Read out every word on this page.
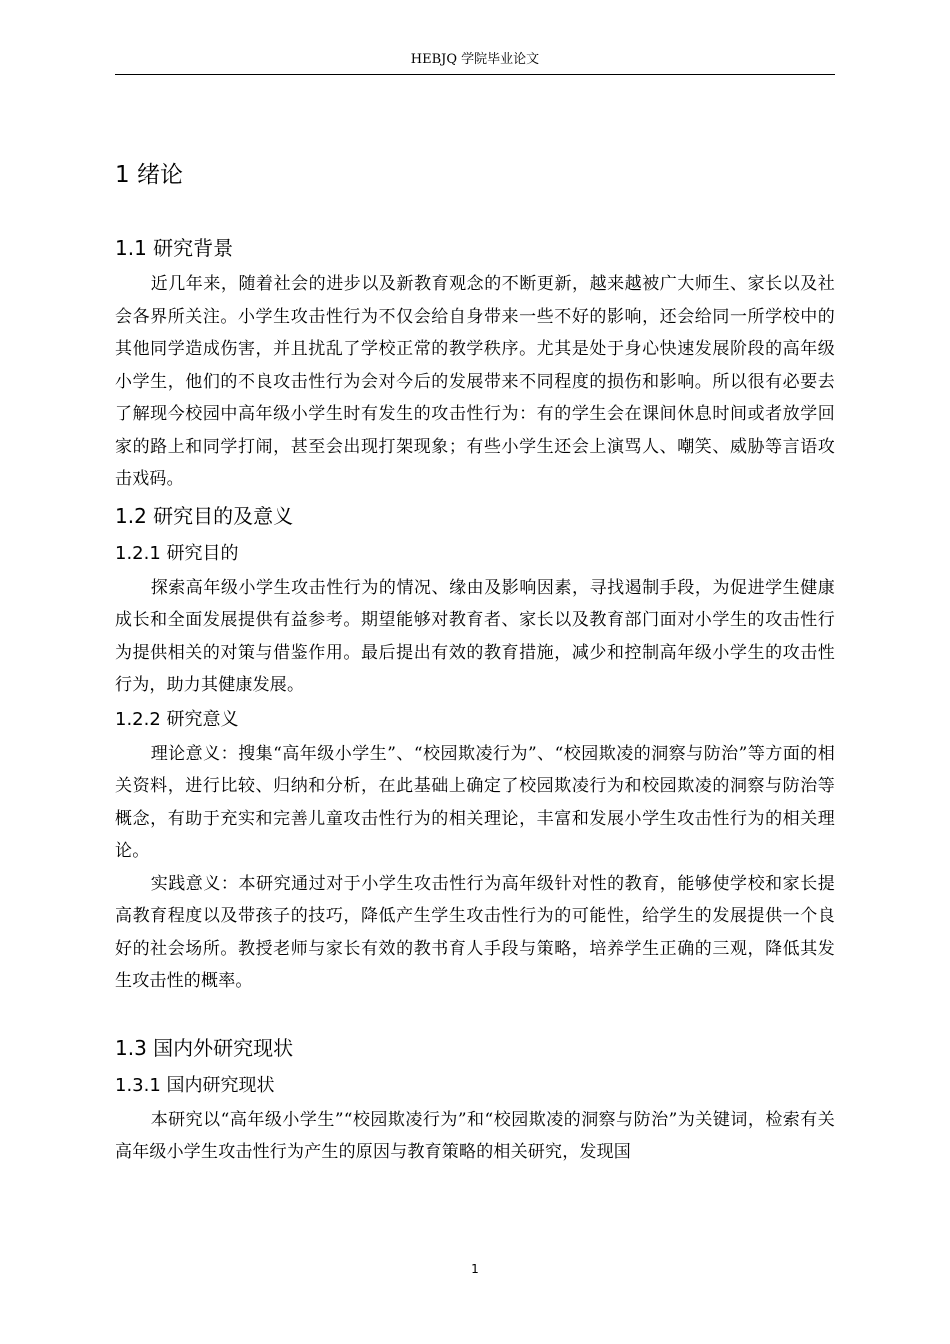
HEBJQ 学院毕业论文
1 绪论
1.1 研究背景

近几年来，随着社会的进步以及新教育观念的不断更新，越来越被广大师生、家长以及社会各界所关注。小学生攻击性行为不仅会给自身带来一些不好的影响，还会给同一所学校中的其他同学造成伤害，并且扰乱了学校正常的教学秩序。尤其是处于身心快速发展阶段的高年级小学生，他们的不良攻击性行为会对今后的发展带来不同程度的损伤和影响。所以很有必要去了解现今校园中高年级小学生时有发生的攻击性行为：有的学生会在课间休息时间或者放学回家的路上和同学打闹，甚至会出现打架现象；有些小学生还会上演骂人、嘲笑、威胁等言语攻击戏码。

1.2 研究目的及意义
1.2.1 研究目的

探索高年级小学生攻击性行为的情况、缘由及影响因素，寻找遏制手段，为促进学生健康成长和全面发展提供有益参考。期望能够对教育者、家长以及教育部门面对小学生的攻击性行为提供相关的对策与借鉴作用。最后提出有效的教育措施，减少和控制高年级小学生的攻击性行为，助力其健康发展。

1.2.2 研究意义

理论意义：搜集“高年级小学生”、“校园欺凌行为”、“校园欺凌的洞察与防治”等方面的相关资料，进行比较、归纳和分析，在此基础上确定了校园欺凌行为和校园欺凌的洞察与防治等概念，有助于充实和完善儿童攻击性行为的相关理论，丰富和发展小学生攻击性行为的相关理论。

实践意义：本研究通过对于小学生攻击性行为高年级针对性的教育，能够使学校和家长提高教育程度以及带孩子的技巧，降低产生学生攻击性行为的可能性，给学生的发展提供一个良好的社会场所。教授老师与家长有效的教书育人手段与策略，培养学生正确的三观，降低其发生攻击性的概率。

1.3 国内外研究现状
1.3.1 国内研究现状

本研究以“高年级小学生”“校园欺凌行为”和“校园欺凌的洞察与防治”为关键词，检索有关高年级小学生攻击性行为产生的原因与教育策略的相关研究，发现国

1
